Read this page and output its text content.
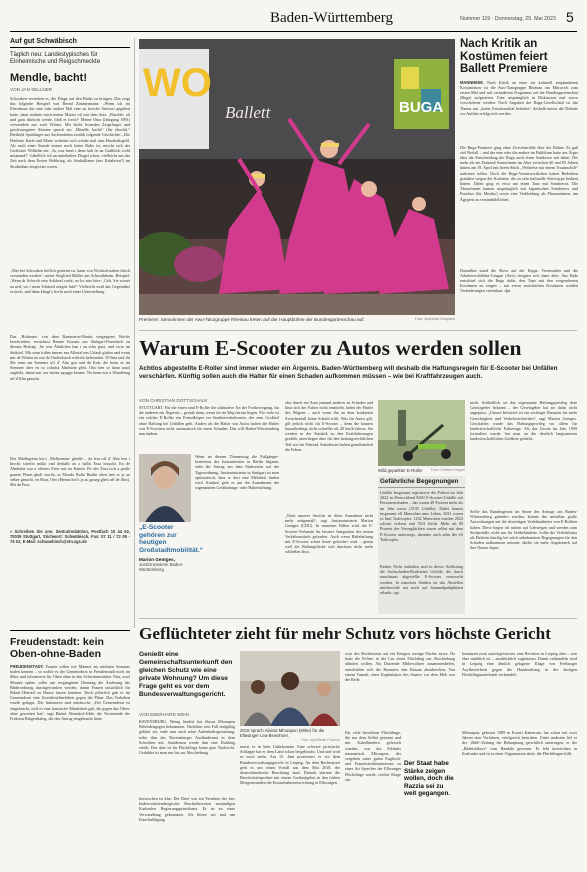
Baden-Württemberg	Nummer 119 · Donnerstag, 25. Mai 2023 5
Auf gut Schwäbisch
Täglich neu: Landestypisches für Einheimische und Reigschmeckte
Mendle, bacht!
VON JAN SELLNER

Schwaben verstehen es, die Dinge auf den Punkt zu bringen. Das zeigt das folgende Beispiel von Bernd Zimmermann: „Wenn ich im Elternhaus das eine oder andere Mal eine zu forsche Antwort gegeben hatte, dann mahnte mich meine Mutter oft mit dem Satz: ‚Büschle, alt und grau dürfscht werde, bloß et frech!‘ Meine Oma (Jahrgang 1891) verwendete nur zwei Wörter. Mit leicht lesenden Zeigefinger und geschwungener Stimme sprach sie: ‚Mendle, bacht!‘ (für obacht).“ Berthold Spahlinger aus Sachsenheim erzählt folgende Geschichte: „Die Ebeleute Karle und Marie wohnten sich wieder mal ums Haushaltsgeld. Als nach einer Stunde immer noch keine Ruhe ist, mischt sich der Großvater Wilhelm ein: ‚Ja, was hend r denn halt fir an Gsälbtich wohl mitanand?‘ Gabellich ich an unterhalten Dingel schon, vielleicht aus der Zeit nach dem Ersten Weltkrieg, als Stadtallianer (aus Kalabrien?) im Straßenbau eingesetzt waren.

„Was bei Schwaben höflich gemeint ist, kann von Nichtschwaben falsch verstanden werden“, meint Siegfried Müller aus Schwaikheim. Beispiel: ‚Wenn dr Schwob sein Schätzel sucht, no ko mer höre: ‚Geh, Sie wisset au ned, wo i mein Schätzel neigtet hab?‘ Vielleicht weiß das Gegenüber es doch, und dann klingt’s leicht nach einer Unterstellung.

Das ‚Holzman‘ von dem Rommerin-Martin vergangene Woche beschrieben, veranlasst Renate Kornau aus Stuttgart-Feuerbach zu diesem Beitrag: ‚So was Ähnliches han i au scho gsea, und zwar im Südtirol. Mir senn früher immer ens Allertal ens Urlaub gfahra und wenn mir de Winter no mit de Ondeekurch richtich befreundet. D'Oma ond ihr Mo senn em Sommer uff d’ Alm gea ond de Kuh, die henn se im Sommer ober en so colacha Almhütte gfeit, Otto hen se dann amol zugfeila, damit mir oss hetten zgugga kennet. No henn mir a Wandertag uff d'Alm gmacht.

Des Mädlegrena hot’s ‚Melkermau‘ gheiße – da leut uff d’ Alm hen i brocht scheffa müßa ond deshalb an a halbs Essa braucht. En de Almhütte war a offenes Feier mit na Kamin. Fir des Essa isch a große ganzes Pfann gholt worda, as Mondo Bolla Budde oben hen se je au selber gmacht, en Haut, Oier (Henna hot’s ja au gnueg ghett uff de Alm). Mit da Fuss.

» Schreiben Sie uns: Zentralredaktion, Postfach 10 44 52, 70039 Stuttgart, Stichwort: Schwäbisch, Fax: 07 11 / 72 05 - 74 01; E-Mail: schwaebisch@stn.zgs.de

Freudenstadt: kein Oben-ohne-Baden

FREUDENSTADT. Frauen sollen wie Männer im nächsten Sommer baden können – so wollte es der Gemeinderat in Freudenstadt noch im März und informierte für Oben ohne in den Schwimmstätten. Nun, zwei Monate später, sollte am vergangenen Dienstag die Änderung der Bäderordnung durchgewunken werden, damit Frauen tatsächlich für Bikini-Oberteil zu Hause lassen könnten. Doch plötzlich gab es im Gemeinderat eine Zweidrittelmehrheit gegen die Pläne. Das Vorhaben wurde gekippt. Die Initiatoren sind enttäuscht: „Der Gemeinderat ist eingeknickt, weil es eine faustische Minderheit gab, die gegen das Oben-ohne gewettert hat“, sagt Bärbel Altendorf-Jehle, die Vertretende der Fraktion Bürgerdialog, die den Antrag eingebracht hatte.

WO
Ballett	BUGA
Premiere: Seniorinnen der Awo-Tanzgruppe Rheinau treten auf der Hauptbühne der Bundesgartenschau auf.	Foto: dpa/Uwe Anspach
Nach Kritik an Kostümen feiert Ballett Premiere

MANNHEIM. Nach Kritik an einer als kulturell empfundenen Kostümshow ist die Awo-Tanzgruppe Rheinau am Mittwoch zum ersten Mal und mit veränderten Programm auf der Bundesgartenschau (Buga) aufgetreten. Eine ursprünglich in Diskussion mal zuvor verschobene werden. Nach Angaben der Buga-Gesellschaft ist das Thema mit „hoher Emotionalität behaftet“, deshalb müsse die Debatte vor Auftritt erfolgreich werden.

Die Buga-Premiere ging ohne Zwischenfälle über die Bühne. Es gab viel Beifall – und der eine oder die andere im Publikum hatte aus Ärger über die Entscheidung der Buga auch einen Sombrero mit dabei. Die mehr als ein Dutzend Seniorinnen im Alter zwischen 60 und 85 Jahren hätten am 19. April mit ihrem Stück „Weltreise mit einem Traumschiff“ auftreten sollen. Doch die Buga-Verantwortlichen hatten Bedenken geäußert wegen der Kostüme, die zu sehr kulturelle Stereotype bedient hätten. Dabei ging es etwa um einen Tanz mit Sombreros. Die Tänzerinnen kamen ursprünglich mit Japanischen Sombreros und Ponchos (für Mexiko) sowie eine Verkleidung als Pharaoninnen, um Ägypten zu versinnbildlichen.

Daraufhin stand die Show auf der Kippe. Veranstalter und die Arbeiterwohlfahrt-Gruppe (Awo) einigten sich dann aber: Am Ende entschied sich die Buga dafür, den Tanz mit den vorgesehenen Kostümen zu zeigen – mit etwas entschärften Kostümen wurden Veränderungen vereinbart. dpa

Warum E-Scooter zu Autos werden sollen

Achtlos abgestellte E-Roller sind immer wieder ein Ärgernis. Baden-Württemberg will deshalb die Haftungsregeln für E-Scooter bei Unfällen verschärfen. Künftig sollen auch die Halter für einen Schaden aufkommen müssen – wie bei Kraftfahrzeugen auch.

VON CHRISTIAN GOTTSCHALK

STUTTGART. Für die einen sind E-Roller die ultimative Art der Fortbewegung, für die anderen ein Ärgernis – gerade dann, wenn sie im Weg herum liegen. Für viele ist ein solcher E-Roller ein Fremdkörper im Straßenverkehrsnetz, der zum Großteil ohne Haftung hei Unfällen gebt. Anders als die Halter von Autos haften die Halter von E-Scootern nicht automatisch für einen Schaden. Das will Baden-Württemberg nun ändern.

„E-Scooter gehören zur heutigen Großstadtmobilität.“

Marion Gentges,

Justizministerin Baden-Württemberg

Wenn an diesem Donnerstag die Fußgänger-konferenz der Justizminister in Berlin beginnt, steht der Antrag aus dem Südwesten auf der Tagesordnung. Justizministerin in Stuttgart ist man optimistisch, dass er dort eine Mehrheit finden wird. Konkret geht es um die Ausnahmen der sogenannten Gefährdungs- oder Halterhaftung.

also durch ein Auto jemand anderes zu Schaden und lässt sich der Fahrer nicht ermitteln, haftet der Halter des Wagens – auch wenn ihn an dem konkreten Zwischenfall keine Schuld trifft. Was für Autos gilt, gilt jedoch nicht für E-Scooter – denn die können bauartbedingt nicht schneller als 20 km/h fahren. Sie werden in der Statistik zu den Kraftfahrzeugen gezählt, unterliegen aber für den haftungsrechtlichen Teil wie ein Fahrrad. Stattdessen haften grundsätzlich die Fahrer.

„Nach unserer Ansicht ist diese Ausnahme nicht mehr zeitgemäß“, sagt Justizministerin Marion Gentges (CDU). In manchen Fällen wird die E-Scooter-Verbands für bessere Integration des neuen Verkehrsmittels gefordert. Auch wenn Haltehaftung mit E-Scooter schon heute gefordert wird – genau weil die Haftungslücke sich durchaus nicht mehr schließen lässt.

Wild geparkter E-Roller Foto: Gottfried Stoppel
Gefährliche Begegnungen

Unfälle Insgesamt registrierte die Polizei im Jahr 2022 in Deutschland 8260 E-Scooter-Unfälle mit Personenschaden – das waren 49 Prozent mehr als im Jahr zuvor (5535 Unfälle). Dabei kamen insgesamt elf Menschen ums Leben. 2021 waren es fünf Todesopfer. 1234 Menschen wurden 2022 schwer verletzt und 7651 leicht. Mehr als 80 Prozent der Verunglückten waren selbst mit dem E-Scooter unterwegs, darunter auch zehn der elf Todesopfer.

Parken Nicht enthalten sind in dieser Auflistung die Sachschaden-Bordsteine Unfälle, die durch unachtsam abgestellte E-Scooter verursacht werden. In manchen Städten ist das Abstellen mittlerweile nur noch auf Sammelparkplätzen erlaubt. cgo

nicht. Schließlich sei das sogenannte Haftungsprivileg dem Gesetzgeber bekannt – der Gesetzgeber hat sie dafür nicht angepasst. „Unsere Initiative ist ein wichtiger Baustein für mehr Gerechtigkeit und Verkehrssicherheit“, sagt Marion Gentges. Geschaffen wurde das Haftungsprivileg vor allem für landwirtschaftliche Fahrzeuge. Als das Gesetz im Jahr 1909 formuliert wurde, hat man an die deutlich langsameren landwirtschaftlichen Gefährte gedacht.

Sollte das Bundesgesetz im Sinne des Antrags aus Baden-Württemberg geändert werden, könnte das mittelbar große Auswirkungen auf die derzeitigen Verleihanbieter von E-Rollern haben. Diese liegen oft mitten auf Gehwegen und werden zum Stolperfalle, nicht nur für Sehbehinderte. Sollte die Verleihfirma als Halterin künftig bei solch unbekannten Begegnungen für den Schaden aufkommen müssen, dürfte sie mehr Augenmerk auf ihre Nutzer legen.

Geflüchteter zieht für mehr Schutz vors höchste Gericht

Genießt eine Gemeinschaftsunterkunft den gleichen Schutz wie eine private Wohnung? Um diese Frage geht es vor dem Bundesverwaltungsgericht.

VON EBERHARD WEIN

RAVENSBURG. Wenig hindert hat Alassa Mfouapon Behördengegen bekommen. Nachdem sein Fall endgültig geklärt sei, ende nun auch seine Aufenthaltsgestattung, teilte ihm das Ravensburger Ausländeramt in dem Schreiben mit. Stattdessen werde ihm eine Duldung erteilt. Das aber ist für Flüchtlinge keine gute Nachricht. Geduldet ist man nur bis zur Abschiebung.

Inzwischen ist klar: Der Brief war ein Versehen des fürs baden-württembergische Abschiebewesen zuständigen Karlsruher Regierungspräsidiums. Er ist zu einer Verwandlung gekommen. Als bitten wir mal um Entschuldigung.

2018 sprach Alassa Mfouapon (Mitte) für die Ellwanger Lea-Bewohner.
Foto: dpa/Stefan Puchner

marxt er in kein Unbekannter. Eine schwere juristische Schlappe hat er dem Land schon beigebracht. Und und wird es noch mehr. Am 15. Juni prozessiert er vor dem Bundesverwaltungsgericht in Leipzig. An dem Rechtsstreit geht es um einen Vorfall aus dem Mai 2018, der deutschlandweite Beachtung fand. Damals stürmte die Bereitschaftspolizei mit einem Großaufgebot in den frühen Morgenstunden die Erstaufnahmeeinrichtung in Ellwangen.

wort des Rechtsstaats auf ein Ereignis wenige Nächte zuvor. Da hatte die Polizei in der Lea einen Flüchtling zur Abschiebung abholen wollen. Als Dutzende Mitbewohner zusammenliefen, entschieden sich die Beamten, den Einsatz abzubrechen. Von einem Tumult, einer Kapitulation des Staates vor dem Mob war die Rede.

Für viele betroffene Flüchtlinge, die aus dem Schlaf gerissen und mit Kabelbindern gefesselt wurden, war das Erlebnis traumatisch. Mfouapon, der vergeben unter guten Englisch- und Französischkenntnissen zu einer Art Sprecher der Ellwanger Flüchtlinge wurde, reichte Klage ein.

Der Staat habe Stärke zeigen wollen, doch die Razzia sei zu weit gegangen.

Instanzen zwar zurückgewiesen, eine Revision in Leipzig aber – was eher unüblich ist – ausdrücklich zugelassen. Damit verhandeln wird in Leipzig eine ähnlich gelagerte Klage von Freiburger Asylbewerbern gegen die Handordnung in der dortigen Flüchtlingsunterkunft verhandelt.

Mfouapon, geboren 1989 in Kousti Kamerum, hat schon seit zwei Jahren eine Verfahren, erfolgreich bestritten. Unter anderem lief er der „Bild“-Zeitung die Behauptung gerichtlich untersagen, er der „Rädelsführer“ vom Randale gewesen. Er lebt inzwischen in Karlsruhe und ist in einer Organisation aktiv, die Flüchtlingen hilft.
